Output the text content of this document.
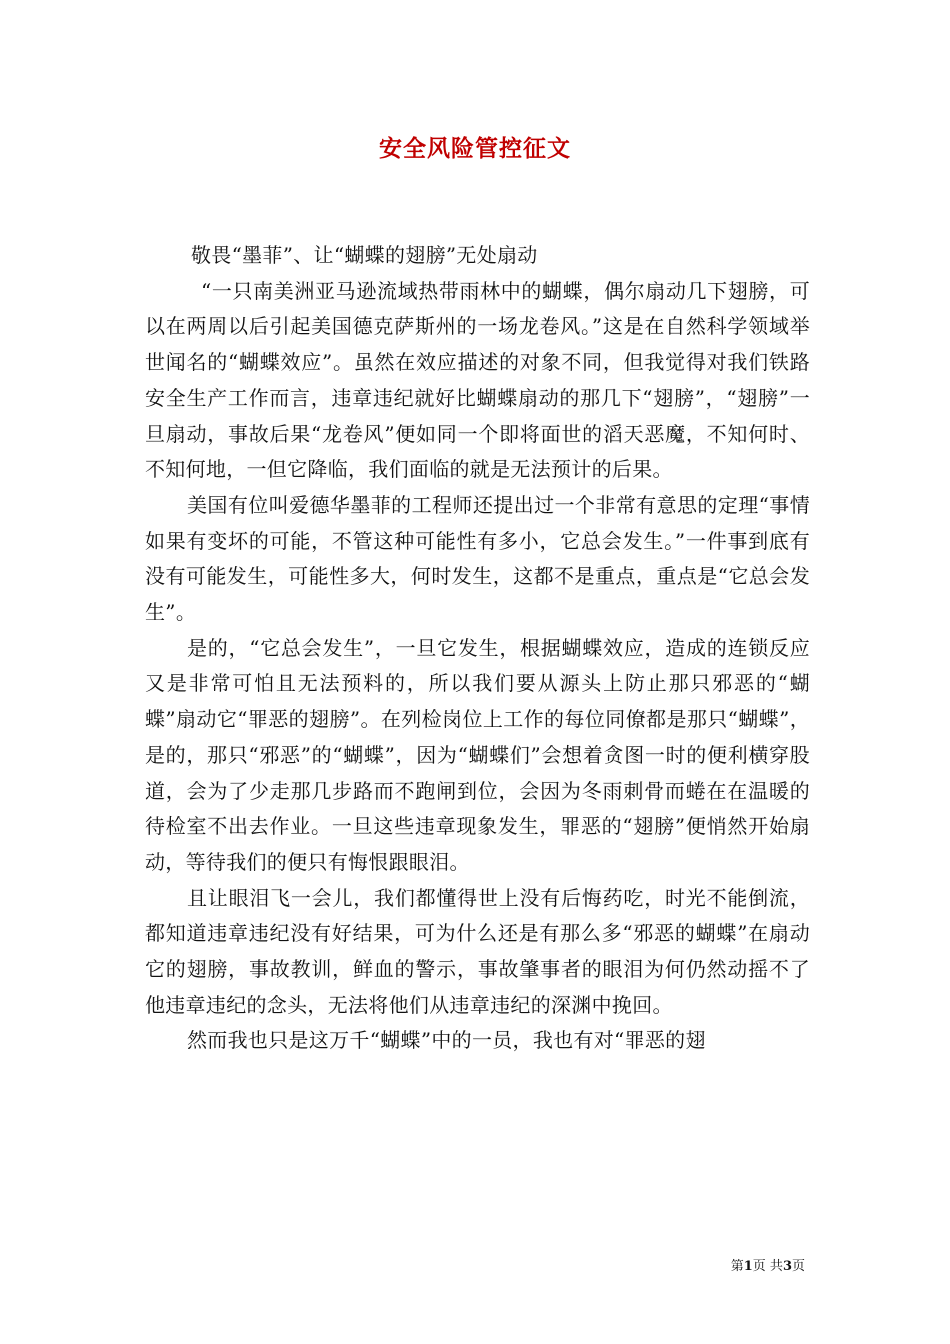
安全风险管控征文

敬畏“墨菲”、让“蝴蝶的翅膀”无处扇动

“一只南美洲亚马逊流域热带雨林中的蝴蝶，偶尔扇动几下翅膀，可以在两周以后引起美国德克萨斯州的一场龙卷风。”这是在自然科学领域举世闻名的“蝴蝶效应”。虽然在效应描述的对象不同，但我觉得对我们铁路安全生产工作而言，违章违纪就好比蝴蝶扇动的那几下“翅膀”，“翅膀”一旦扇动，事故后果“龙卷风”便如同一个即将面世的滔天恶魔，不知何时、不知何地，一但它降临，我们面临的就是无法预计的后果。

美国有位叫爱德华墨菲的工程师还提出过一个非常有意思的定理“事情如果有变坏的可能，不管这种可能性有多小，它总会发生。”一件事到底有没有可能发生，可能性多大，何时发生，这都不是重点，重点是“它总会发生”。

是的，“它总会发生”，一旦它发生，根据蝴蝶效应，造成的连锁反应又是非常可怕且无法预料的，所以我们要从源头上防止那只邪恶的“蝴蝶”扇动它“罪恶的翅膀”。在列检岗位上工作的每位同僚都是那只“蝴蝶”，是的，那只“邪恶”的“蝴蝶”，因为“蝴蝶们”会想着贪图一时的便利横穿股道，会为了少走那几步路而不跑闸到位，会因为冬雨刺骨而蜷在在温暖的待检室不出去作业。一旦这些违章现象发生，罪恶的“翅膀”便悄然开始扇动，等待我们的便只有悔恨跟眼泪。

且让眼泪飞一会儿，我们都懂得世上没有后悔药吃，时光不能倒流，都知道违章违纪没有好结果，可为什么还是有那么多“邪恶的蝴蝶”在扇动它的翅膀，事故教训，鲜血的警示，事故肇事者的眼泪为何仍然动摇不了他违章违纪的念头，无法将他们从违章违纪的深渊中挽回。

然而我也只是这万千“蝴蝶”中的一员，我也有对“罪恶的翅

第1页 共3页
